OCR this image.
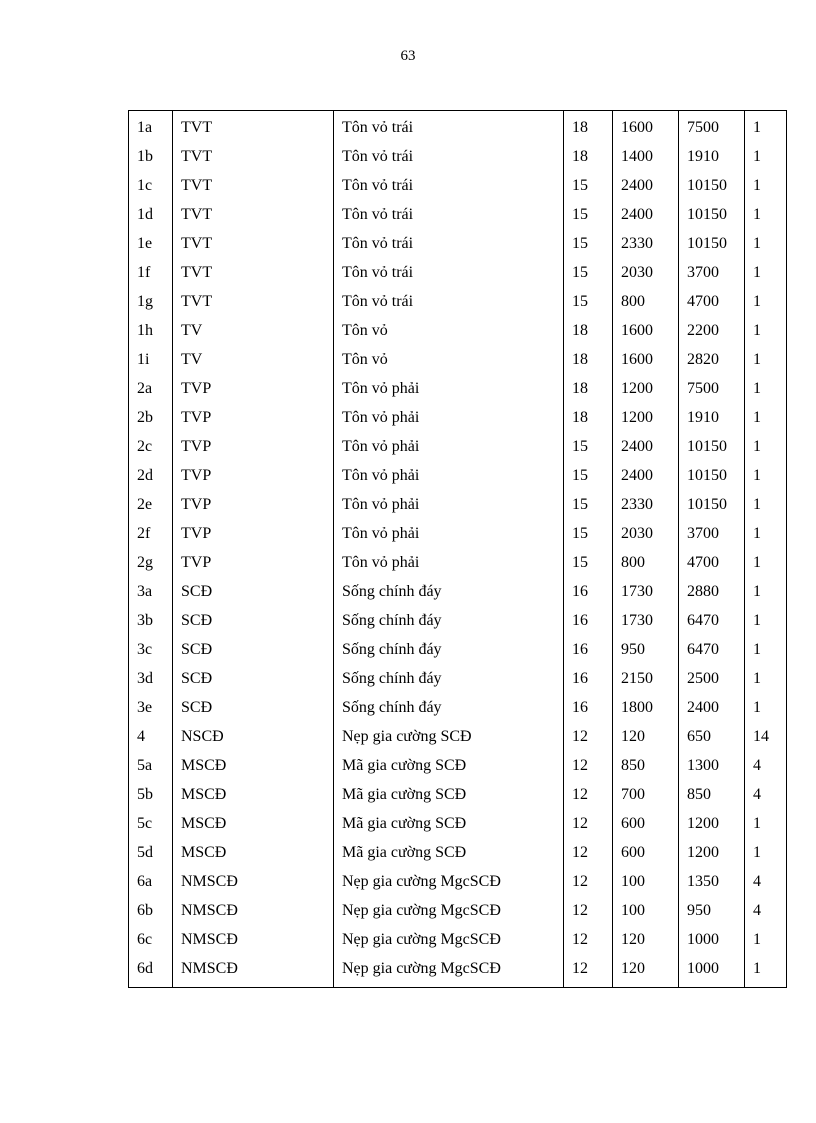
63
1a	TVT	Tôn vỏ trái	18	1600	7500	1
1b	TVT	Tôn vỏ trái	18	1400	1910	1
1c	TVT	Tôn vỏ trái	15	2400	10150	1
1d	TVT	Tôn vỏ trái	15	2400	10150	1
1e	TVT	Tôn vỏ trái	15	2330	10150	1
1f	TVT	Tôn vỏ trái	15	2030	3700	1
1g	TVT	Tôn vỏ trái	15	800	4700	1
1h	TV	Tôn vỏ	18	1600	2200	1
1i	TV	Tôn vỏ	18	1600	2820	1
2a	TVP	Tôn vỏ phải	18	1200	7500	1
2b	TVP	Tôn vỏ phải	18	1200	1910	1
2c	TVP	Tôn vỏ phải	15	2400	10150	1
2d	TVP	Tôn vỏ phải	15	2400	10150	1
2e	TVP	Tôn vỏ phải	15	2330	10150	1
2f	TVP	Tôn vỏ phải	15	2030	3700	1
2g	TVP	Tôn vỏ phải	15	800	4700	1
3a	SCĐ	Sống chính đáy	16	1730	2880	1
3b	SCĐ	Sống chính đáy	16	1730	6470	1
3c	SCĐ	Sống chính đáy	16	950	6470	1
3d	SCĐ	Sống chính đáy	16	2150	2500	1
3e	SCĐ	Sống chính đáy	16	1800	2400	1
4	NSCĐ	Nẹp gia cường SCĐ	12	120	650	14
5a	MSCĐ	Mã gia cường SCĐ	12	850	1300	4
5b	MSCĐ	Mã gia cường SCĐ	12	700	850	4
5c	MSCĐ	Mã gia cường SCĐ	12	600	1200	1
5d	MSCĐ	Mã gia cường SCĐ	12	600	1200	1
6a	NMSCĐ	Nẹp gia cường MgcSCĐ	12	100	1350	4
6b	NMSCĐ	Nẹp gia cường MgcSCĐ	12	100	950	4
6c	NMSCĐ	Nẹp gia cường MgcSCĐ	12	120	1000	1
6d	NMSCĐ	Nẹp gia cường MgcSCĐ	12	120	1000	1
